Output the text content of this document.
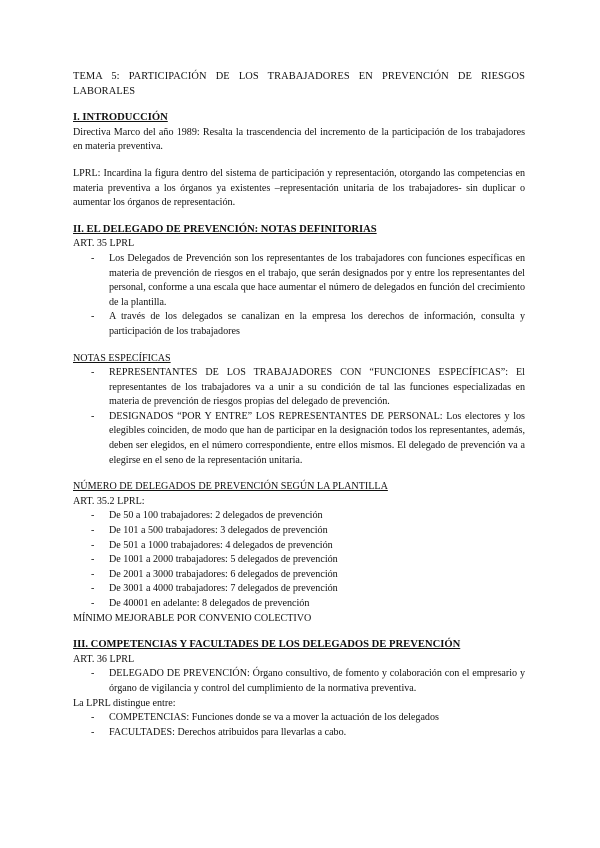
TEMA 5: PARTICIPACIÓN DE LOS TRABAJADORES EN PREVENCIÓN DE RIESGOS LABORALES

I. INTRODUCCIÓN

Directiva Marco del año 1989: Resalta la trascendencia del incremento de la participación de los trabajadores en materia preventiva.

LPRL: Incardina la figura dentro del sistema de participación y representación, otorgando las competencias en materia preventiva a los órganos ya existentes –representación unitaria de los trabajadores- sin duplicar o aumentar los órganos de representación.

II. EL DELEGADO DE PREVENCIÓN: NOTAS DEFINITORIAS

ART. 35 LPRL

- Los Delegados de Prevención son los representantes de los trabajadores con funciones específicas en materia de prevención de riesgos en el trabajo, que serán designados por y entre los representantes del personal, conforme a una escala que hace aumentar el número de delegados en función del crecimiento de la plantilla.
- A través de los delegados se canalizan en la empresa los derechos de información, consulta y participación de los trabajadores
NOTAS ESPECÍFICAS
- REPRESENTANTES DE LOS TRABAJADORES CON “FUNCIONES ESPECÍFICAS”: El representantes de los trabajadores va a unir a su condición de tal las funciones especializadas en materia de prevención de riesgos propias del delegado de prevención.
- DESIGNADOS “POR Y ENTRE” LOS REPRESENTANTES DE PERSONAL: Los electores y los elegibles coinciden, de modo que han de participar en la designación todos los representantes, además, deben ser elegidos, en el número correspondiente, entre ellos mismos. El delegado de prevención va a elegirse en el seno de la representación unitaria.
NÚMERO DE DELEGADOS DE PREVENCIÓN SEGÚN LA PLANTILLA

ART. 35.2 LPRL:

- De 50 a 100 trabajadores: 2 delegados de prevención
- De 101 a 500 trabajadores: 3 delegados de prevención
- De 501 a 1000 trabajadores: 4 delegados de prevención
- De 1001 a 2000 trabajadores: 5 delegados de prevención
- De 2001 a 3000 trabajadores: 6 delegados de prevención
- De 3001 a 4000 trabajadores: 7 delegados de prevención
- De 40001 en adelante: 8 delegados de prevención

MÍNIMO MEJORABLE POR CONVENIO COLECTIVO

III. COMPETENCIAS Y FACULTADES DE LOS DELEGADOS DE PREVENCIÓN

ART. 36 LPRL

- DELEGADO DE PREVENCIÓN: Órgano consultivo, de fomento y colaboración con el empresario y órgano de vigilancia y control del cumplimiento de la normativa preventiva.

La LPRL distingue entre:

- COMPETENCIAS: Funciones donde se va a mover la actuación de los delegados
- FACULTADES: Derechos atribuidos para llevarlas a cabo.
